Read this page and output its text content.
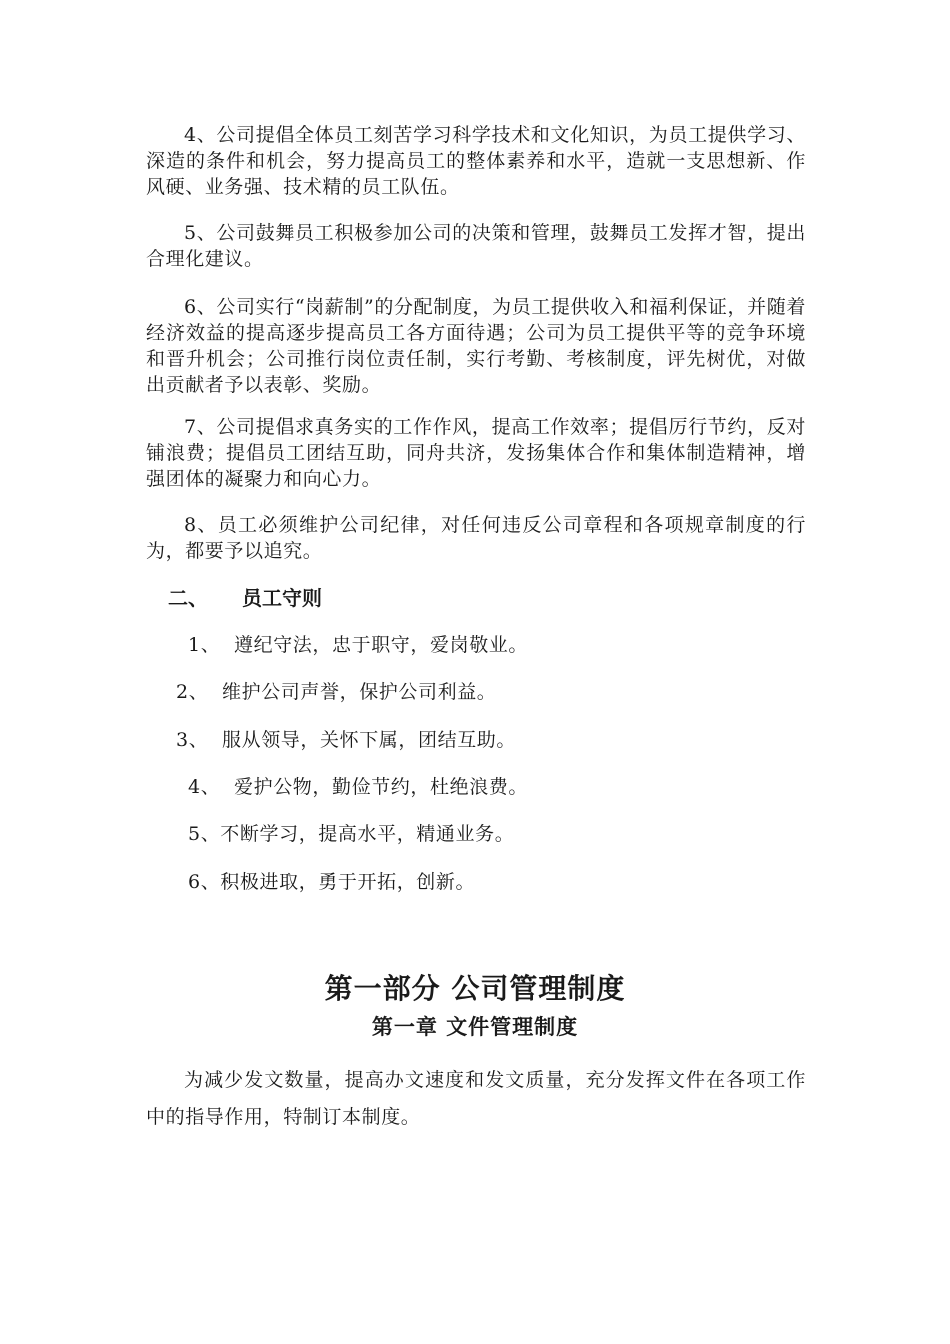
4、公司提倡全体员工刻苦学习科学技术和文化知识，为员工提供学习、深造的条件和机会，努力提高员工的整体素养和水平，造就一支思想新、作风硬、业务强、技术精的员工队伍。

5、公司鼓舞员工积极参加公司的决策和管理，鼓舞员工发挥才智，提出合理化建议。

6、公司实行“岗薪制”的分配制度，为员工提供收入和福利保证，并随着经济效益的提高逐步提高员工各方面待遇；公司为员工提供平等的竞争环境和晋升机会；公司推行岗位责任制，实行考勤、考核制度，评先树优，对做出贡献者予以表彰、奖励。

7、公司提倡求真务实的工作作风，提高工作效率；提倡厉行节约，反对铺浪费；提倡员工团结互助，同舟共济，发扬集体合作和集体制造精神，增强团体的凝聚力和向心力。

8、员工必须维护公司纪律，对任何违反公司章程和各项规章制度的行为，都要予以追究。

二、 员工守则

1、 遵纪守法，忠于职守，爱岗敬业。

2、 维护公司声誉，保护公司利益。

3、 服从领导，关怀下属，团结互助。

4、 爱护公物，勤俭节约，杜绝浪费。

5、不断学习，提高水平，精通业务。

6、积极进取，勇于开拓，创新。

第一部分 公司管理制度
第一章 文件管理制度

为减少发文数量，提高办文速度和发文质量，充分发挥文件在各项工作中的指导作用，特制订本制度。
